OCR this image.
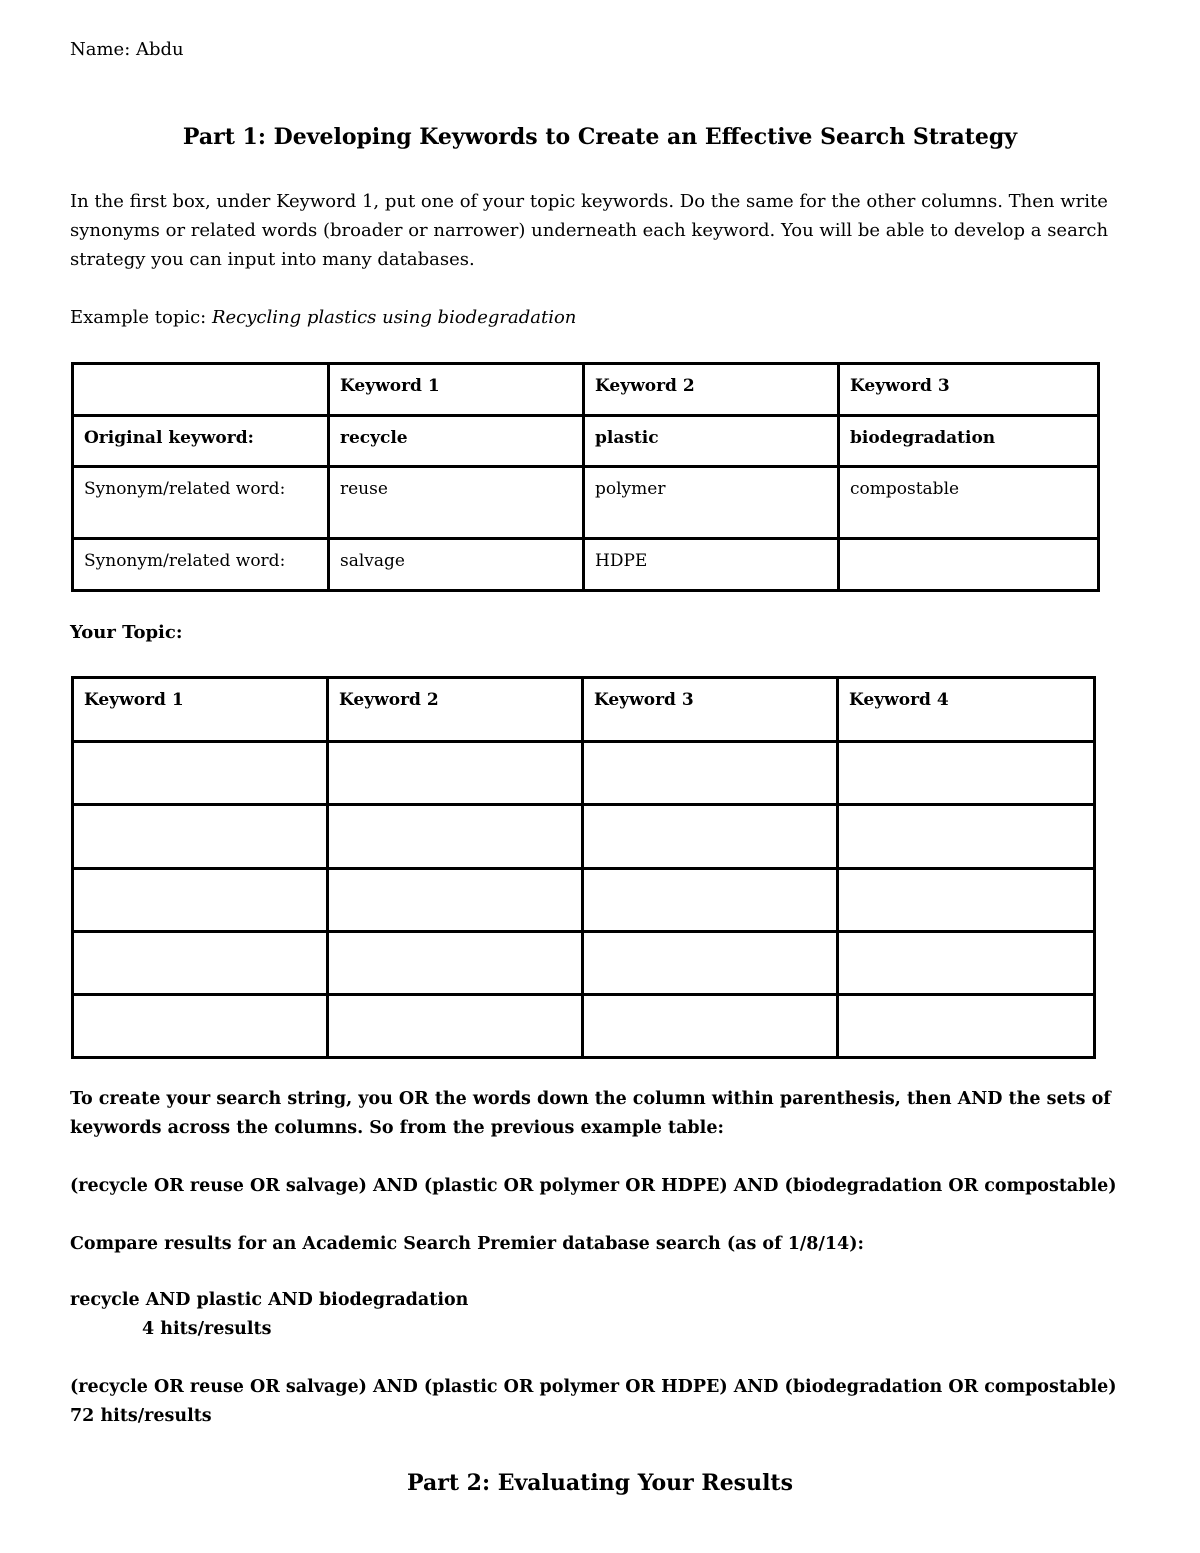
Name: Abdu
Part 1: Developing Keywords to Create an Effective Search Strategy
In the first box, under Keyword 1, put one of your topic keywords. Do the same for the other columns. Then write
synonyms or related words (broader or narrower) underneath each keyword. You will be able to develop a search
strategy you can input into many databases.
Example topic: Recycling plastics using biodegradation

	Keyword 1	Keyword 2	Keyword 3

Original keyword:	recycle	plastic	biodegradation

Synonym/related word:	reuse	polymer	compostable

Synonym/related word:	salvage	HDPE	

Your Topic:
Keyword 1	Keyword 2	Keyword 3	Keyword 4

To create your search string, you OR the words down the column within parenthesis, then AND the sets of
keywords across the columns. So from the previous example table:
(recycle OR reuse OR salvage) AND (plastic OR polymer OR HDPE) AND (biodegradation OR compostable)
Compare results for an Academic Search Premier database search (as of 1/8/14):
recycle AND plastic AND biodegradation
4 hits/results
(recycle OR reuse OR salvage) AND (plastic OR polymer OR HDPE) AND (biodegradation OR compostable)
72 hits/results
Part 2: Evaluating Your Results
